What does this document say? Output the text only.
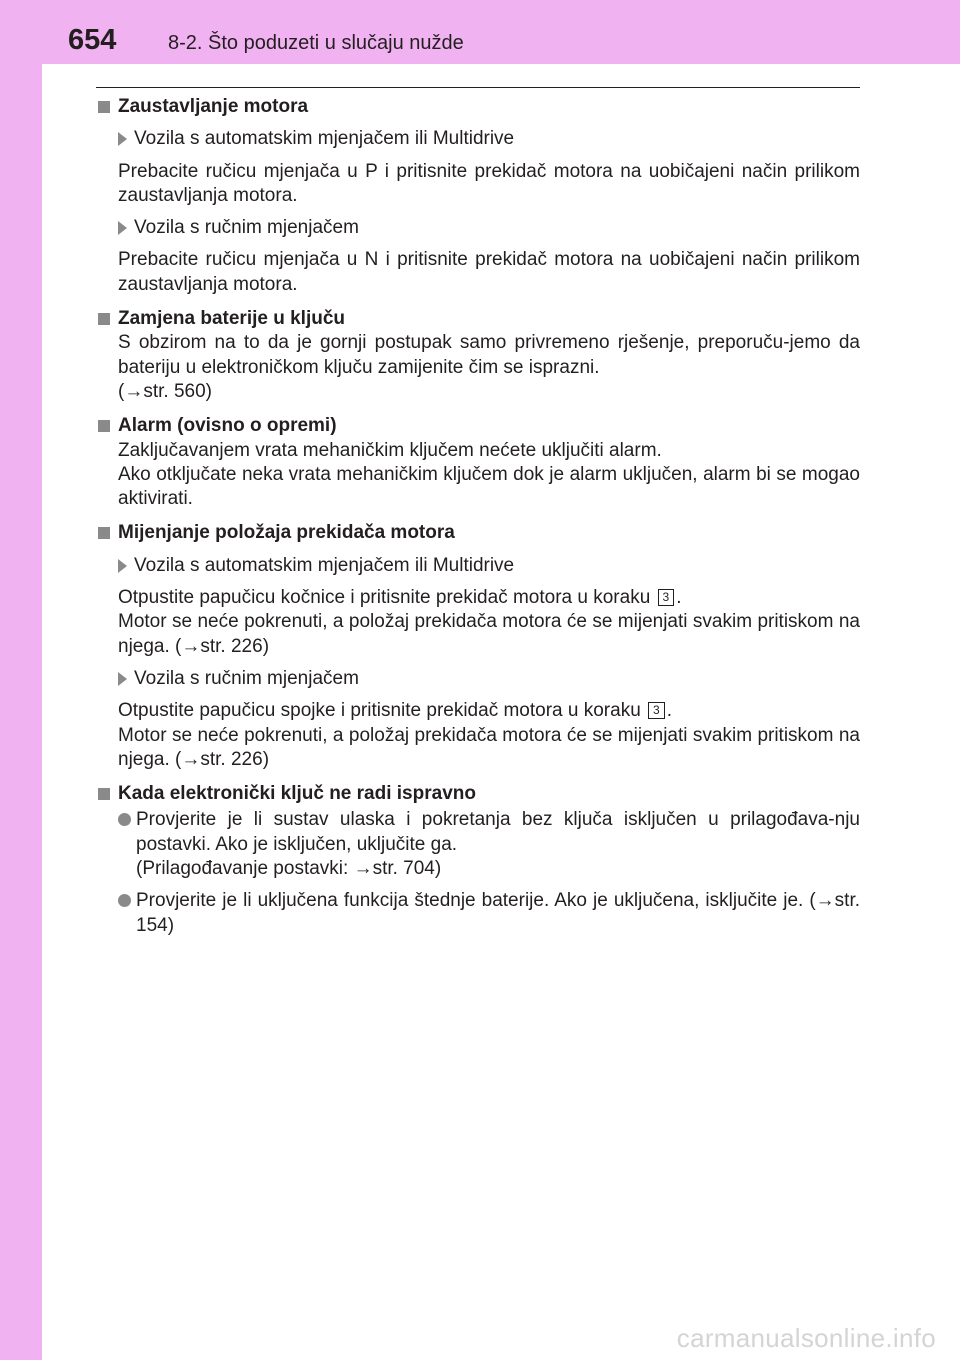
654	8-2. Što poduzeti u slučaju nužde
Zaustavljanje motora
Vozila s automatskim mjenjačem ili Multidrive
Prebacite ručicu mjenjača u P i pritisnite prekidač motora na uobičajeni način prilikom zaustavljanja motora.
Vozila s ručnim mjenjačem
Prebacite ručicu mjenjača u N i pritisnite prekidač motora na uobičajeni način prilikom zaustavljanja motora.
Zamjena baterije u ključu
S obzirom na to da je gornji postupak samo privremeno rješenje, preporuču-jemo da bateriju u elektroničkom ključu zamijenite čim se isprazni.
(→str. 560)
Alarm (ovisno o opremi)
Zaključavanjem vrata mehaničkim ključem nećete uključiti alarm.
Ako otključate neka vrata mehaničkim ključem dok je alarm uključen, alarm bi se mogao aktivirati.
Mijenjanje položaja prekidača motora
Vozila s automatskim mjenjačem ili Multidrive
Otpustite papučicu kočnice i pritisnite prekidač motora u koraku 3 .
Motor se neće pokrenuti, a položaj prekidača motora će se mijenjati svakim pritiskom na njega. (→str. 226)
Vozila s ručnim mjenjačem
Otpustite papučicu spojke i pritisnite prekidač motora u koraku 3 .
Motor se neće pokrenuti, a položaj prekidača motora će se mijenjati svakim pritiskom na njega. (→str. 226)
Kada elektronički ključ ne radi ispravno
Provjerite je li sustav ulaska i pokretanja bez ključa isključen u prilagođava-nju postavki. Ako je isključen, uključite ga.
(Prilagođavanje postavki: →str. 704)
Provjerite je li uključena funkcija štednje baterije. Ako je uključena, isključite je. (→str. 154)
carmanualsonline.info
